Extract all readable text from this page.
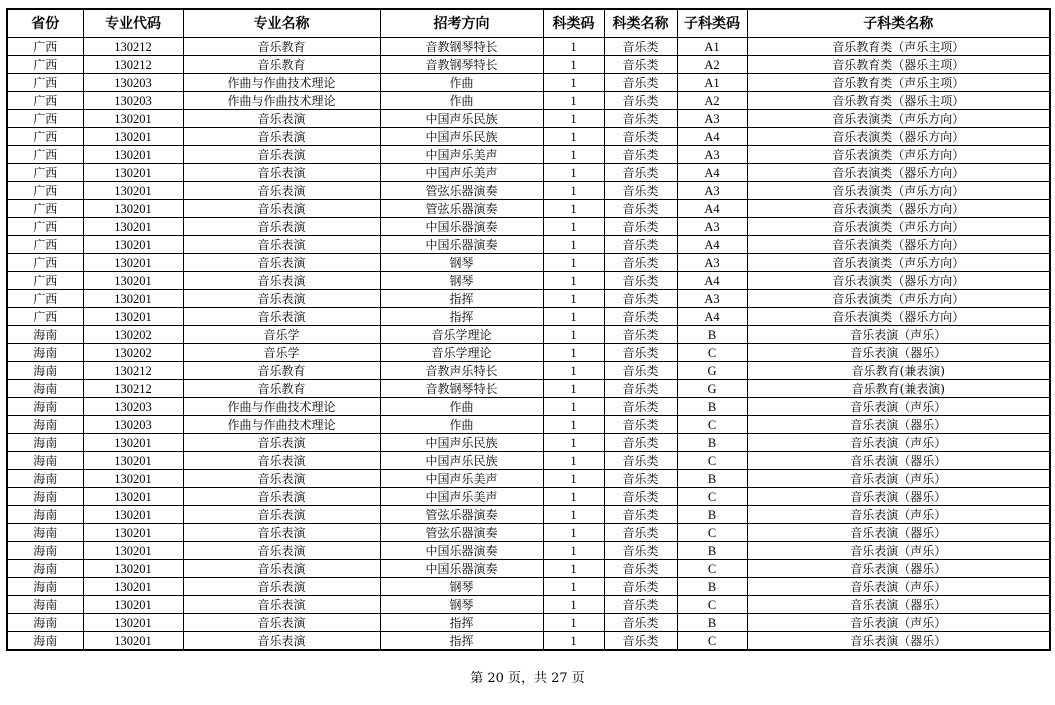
省份	专业代码	专业名称	招考方向	科类码	科类名称	子科类码	子科类名称
广西	130212	音乐教育	音教钢琴特长	1	音乐类	A1	音乐教育类（声乐主项）
广西	130212	音乐教育	音教钢琴特长	1	音乐类	A2	音乐教育类（器乐主项）
广西	130203	作曲与作曲技术理论	作曲	1	音乐类	A1	音乐教育类（声乐主项）
广西	130203	作曲与作曲技术理论	作曲	1	音乐类	A2	音乐教育类（器乐主项）
广西	130201	音乐表演	中国声乐民族	1	音乐类	A3	音乐表演类（声乐方向）
广西	130201	音乐表演	中国声乐民族	1	音乐类	A4	音乐表演类（器乐方向）
广西	130201	音乐表演	中国声乐美声	1	音乐类	A3	音乐表演类（声乐方向）
广西	130201	音乐表演	中国声乐美声	1	音乐类	A4	音乐表演类（器乐方向）
广西	130201	音乐表演	管弦乐器演奏	1	音乐类	A3	音乐表演类（声乐方向）
广西	130201	音乐表演	管弦乐器演奏	1	音乐类	A4	音乐表演类（器乐方向）
广西	130201	音乐表演	中国乐器演奏	1	音乐类	A3	音乐表演类（声乐方向）
广西	130201	音乐表演	中国乐器演奏	1	音乐类	A4	音乐表演类（器乐方向）
广西	130201	音乐表演	钢琴	1	音乐类	A3	音乐表演类（声乐方向）
广西	130201	音乐表演	钢琴	1	音乐类	A4	音乐表演类（器乐方向）
广西	130201	音乐表演	指挥	1	音乐类	A3	音乐表演类（声乐方向）
广西	130201	音乐表演	指挥	1	音乐类	A4	音乐表演类（器乐方向）
海南	130202	音乐学	音乐学理论	1	音乐类	B	音乐表演（声乐）
海南	130202	音乐学	音乐学理论	1	音乐类	C	音乐表演（器乐）
海南	130212	音乐教育	音教声乐特长	1	音乐类	G	音乐教育(兼表演)
海南	130212	音乐教育	音教钢琴特长	1	音乐类	G	音乐教育(兼表演)
海南	130203	作曲与作曲技术理论	作曲	1	音乐类	B	音乐表演（声乐）
海南	130203	作曲与作曲技术理论	作曲	1	音乐类	C	音乐表演（器乐）
海南	130201	音乐表演	中国声乐民族	1	音乐类	B	音乐表演（声乐）
海南	130201	音乐表演	中国声乐民族	1	音乐类	C	音乐表演（器乐）
海南	130201	音乐表演	中国声乐美声	1	音乐类	B	音乐表演（声乐）
海南	130201	音乐表演	中国声乐美声	1	音乐类	C	音乐表演（器乐）
海南	130201	音乐表演	管弦乐器演奏	1	音乐类	B	音乐表演（声乐）
海南	130201	音乐表演	管弦乐器演奏	1	音乐类	C	音乐表演（器乐）
海南	130201	音乐表演	中国乐器演奏	1	音乐类	B	音乐表演（声乐）
海南	130201	音乐表演	中国乐器演奏	1	音乐类	C	音乐表演（器乐）
海南	130201	音乐表演	钢琴	1	音乐类	B	音乐表演（声乐）
海南	130201	音乐表演	钢琴	1	音乐类	C	音乐表演（器乐）
海南	130201	音乐表演	指挥	1	音乐类	B	音乐表演（声乐）
海南	130201	音乐表演	指挥	1	音乐类	C	音乐表演（器乐）
第 20 页，共 27 页
